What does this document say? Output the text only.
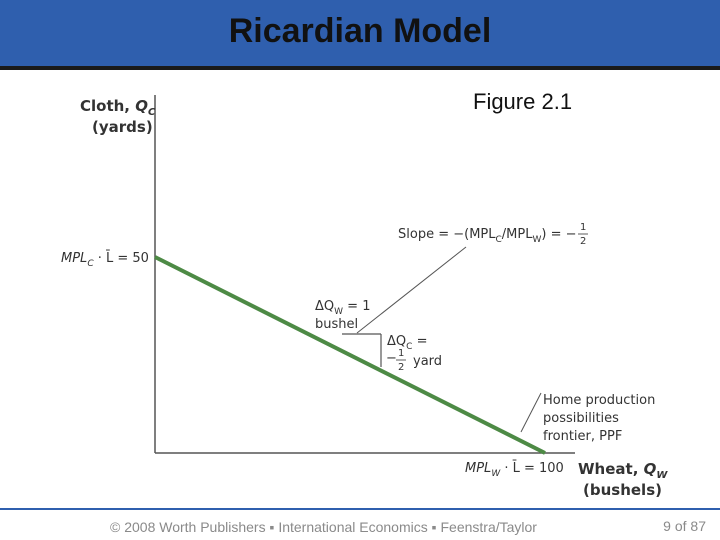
Ricardian Model
Figure 2.1
Cloth, $Q_C$
(yards)
Wheat, $Q_W$
(bushels)
$MPL_C$ · L̄ = 50
$MPL_W$ · L̄ = 100
Slope = $-(MPL_C/MPL_W)$ = − 1
2
$\Delta Q_W = 1$
bushel
$\Delta Q_C$ =
− 1
2 yard
Home production
possibilities
frontier, PPF
© 2008 Worth Publishers ▪ International Economics ▪ Feenstra/Taylor	9 of 87
